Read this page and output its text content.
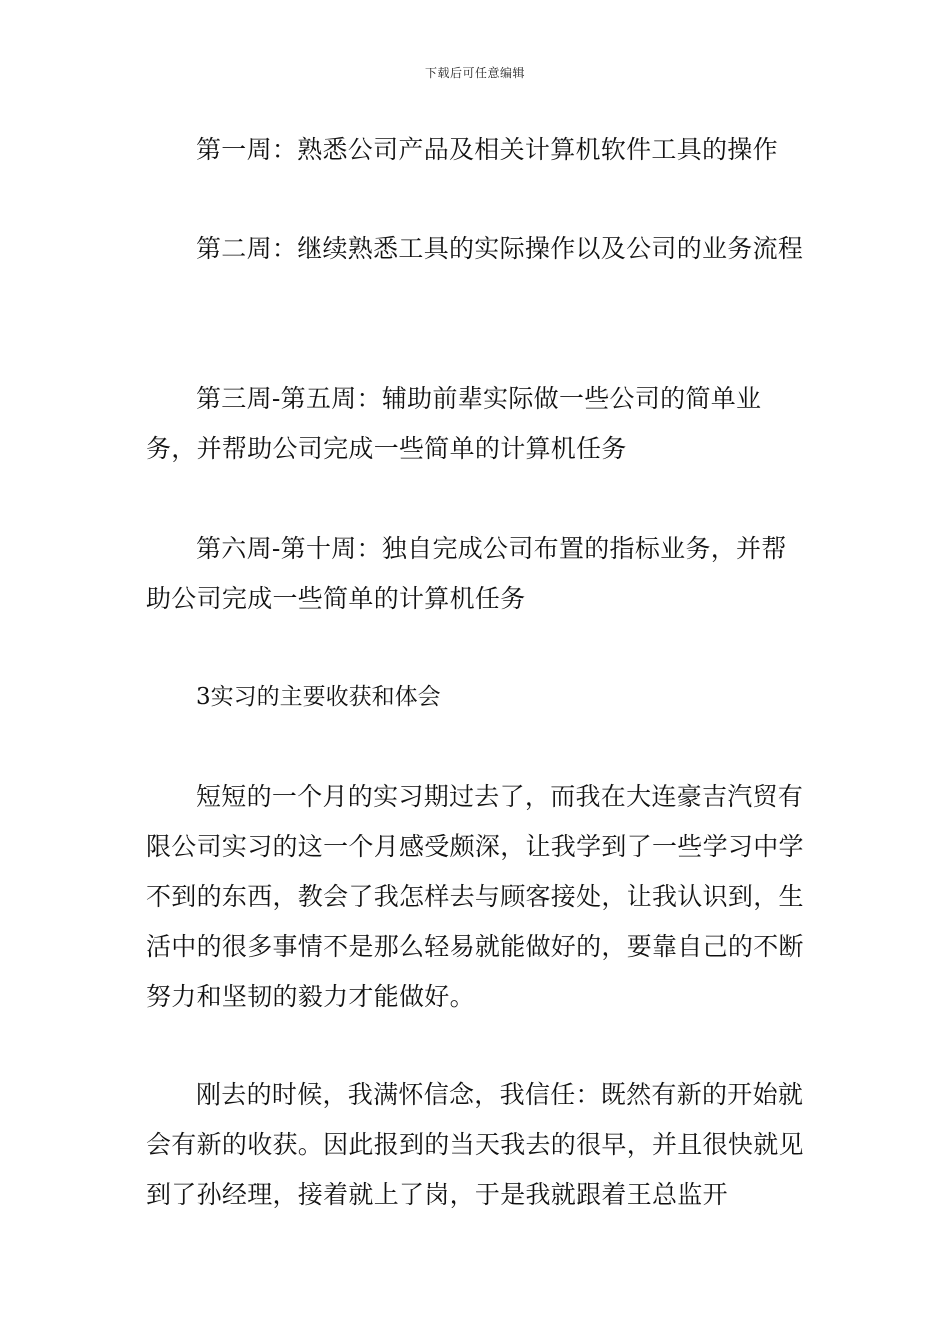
下载后可任意编辑

第一周：熟悉公司产品及相关计算机软件工具的操作

第二周：继续熟悉工具的实际操作以及公司的业务流程

第三周-第五周：辅助前辈实际做一些公司的简单业务，并帮助公司完成一些简单的计算机任务

第六周-第十周：独自完成公司布置的指标业务，并帮助公司完成一些简单的计算机任务

3实习的主要收获和体会

短短的一个月的实习期过去了，而我在大连豪吉汽贸有限公司实习的这一个月感受颇深，让我学到了一些学习中学不到的东西，教会了我怎样去与顾客接处，让我认识到，生活中的很多事情不是那么轻易就能做好的，要靠自己的不断努力和坚韧的毅力才能做好。

刚去的时候，我满怀信念，我信任：既然有新的开始就会有新的收获。因此报到的当天我去的很早，并且很快就见到了孙经理，接着就上了岗，于是我就跟着王总监开
